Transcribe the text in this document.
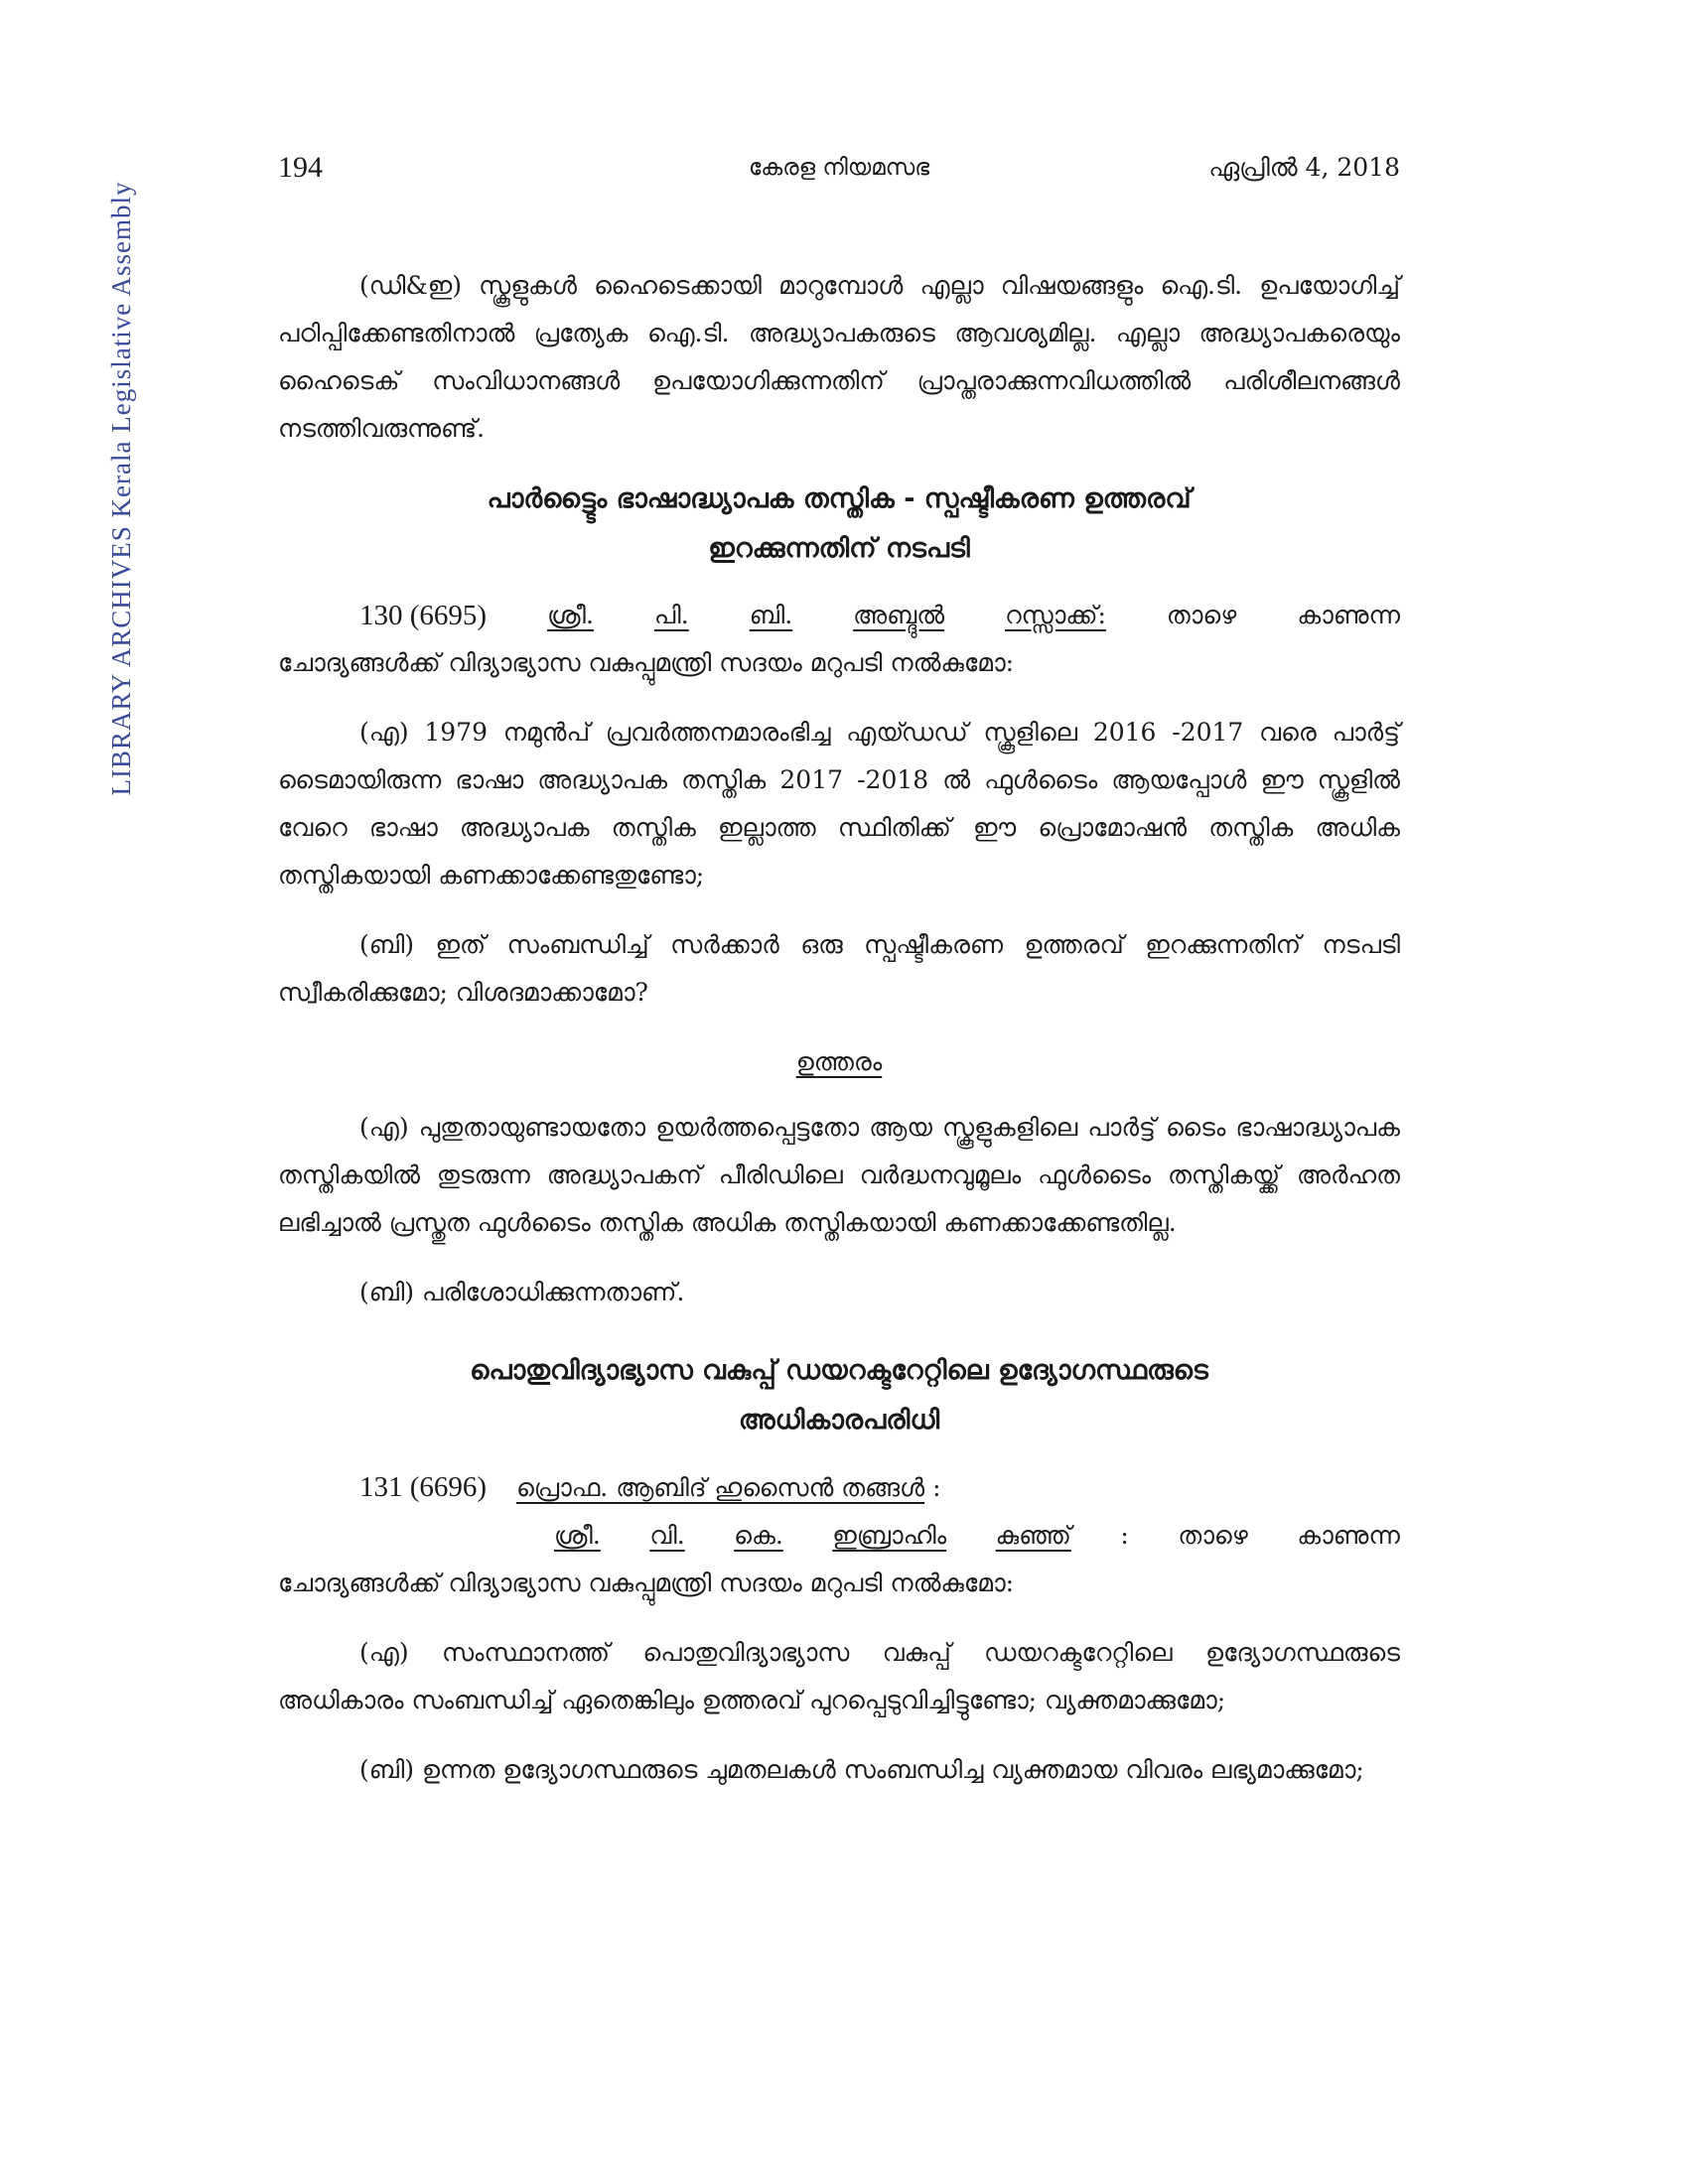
LIBRARY ARCHIVES Kerala Legislative Assembly
194	കേരള നിയമസഭ	ഏപ്രിൽ 4, 2018

(ഡി&ഇ) സ്കൂളുകൾ ഹൈടെക്കായി മാറുമ്പോൾ എല്ലാ വിഷയങ്ങളും ഐ.ടി. ഉപയോഗിച്ച് പഠിപ്പിക്കേണ്ടതിനാൽ പ്രത്യേക ഐ.ടി. അദ്ധ്യാപകരുടെ ആവശ്യമില്ല. എല്ലാ അദ്ധ്യാപകരെയും ഹൈടെക് സംവിധാനങ്ങൾ ഉപയോഗിക്കുന്നതിന് പ്രാപ്തരാക്കുന്നവിധത്തിൽ പരിശീലനങ്ങൾ നടത്തിവരുന്നുണ്ട്.

പാർട്ട്ടൈം ഭാഷാദ്ധ്യാപക തസ്തിക - സ്പഷ്ടീകരണ ഉത്തരവ്
ഇറക്കുന്നതിന് നടപടി
130 (6695) ശ്രീ. പി. ബി. അബ്ദുൽ റസ്സാക്ക്: താഴെ കാണുന്ന
ചോദ്യങ്ങൾക്ക് വിദ്യാഭ്യാസ വകുപ്പുമന്ത്രി സദയം മറുപടി നൽകുമോ:

(എ) 1979 നമുൻപ് പ്രവർത്തനമാരംഭിച്ച എയ്ഡഡ് സ്കൂളിലെ 2016 -2017 വരെ പാർട്ട് ടൈമായിരുന്ന ഭാഷാ അദ്ധ്യാപക തസ്തിക 2017 -2018 ൽ ഫുൾടൈം ആയപ്പോൾ ഈ സ്കൂളിൽ വേറെ ഭാഷാ അദ്ധ്യാപക തസ്തിക ഇല്ലാത്ത സ്ഥിതിക്ക് ഈ പ്രൊമോഷൻ തസ്തിക അധിക തസ്തികയായി കണക്കാക്കേണ്ടതുണ്ടോ;

(ബി) ഇത് സംബന്ധിച്ച് സർക്കാർ ഒരു സ്പഷ്ടീകരണ ഉത്തരവ് ഇറക്കുന്നതിന് നടപടി സ്വീകരിക്കുമോ; വിശദമാക്കാമോ?

ഉത്തരം

(എ) പുതുതായുണ്ടായതോ ഉയർത്തപ്പെട്ടതോ ആയ സ്കൂളുകളിലെ പാർട്ട് ടൈം ഭാഷാദ്ധ്യാപക തസ്തികയിൽ തുടരുന്ന അദ്ധ്യാപകന് പീരിഡിലെ വർദ്ധനവുമൂലം ഫുൾടൈം തസ്തികയ്ക്ക് അർഹത ലഭിച്ചാൽ പ്രസ്തുത ഫുൾടൈം തസ്തിക അധിക തസ്തികയായി കണക്കാക്കേണ്ടതില്ല.

(ബി) പരിശോധിക്കുന്നതാണ്.

പൊതുവിദ്യാഭ്യാസ വകുപ്പ് ഡയറക്ടറേറ്റിലെ ഉദ്യോഗസ്ഥരുടെ
അധികാരപരിധി
131 (6696) പ്രൊഫ. ആബിദ് ഹുസൈൻ തങ്ങൾ :
ശ്രീ. വി. കെ. ഇബ്രാഹിം കുഞ്ഞ് : താഴെ കാണുന്ന
ചോദ്യങ്ങൾക്ക് വിദ്യാഭ്യാസ വകുപ്പുമന്ത്രി സദയം മറുപടി നൽകുമോ:

(എ) സംസ്ഥാനത്ത് പൊതുവിദ്യാഭ്യാസ വകുപ്പ് ഡയറക്ടറേറ്റിലെ ഉദ്യോഗസ്ഥരുടെ അധികാരം സംബന്ധിച്ച് ഏതെങ്കിലും ഉത്തരവ് പുറപ്പെടുവിച്ചിട്ടുണ്ടോ; വ്യക്തമാക്കുമോ;

(ബി) ഉന്നത ഉദ്യോഗസ്ഥരുടെ ചുമതലകൾ സംബന്ധിച്ച വ്യക്തമായ വിവരം ലഭ്യമാക്കുമോ;
